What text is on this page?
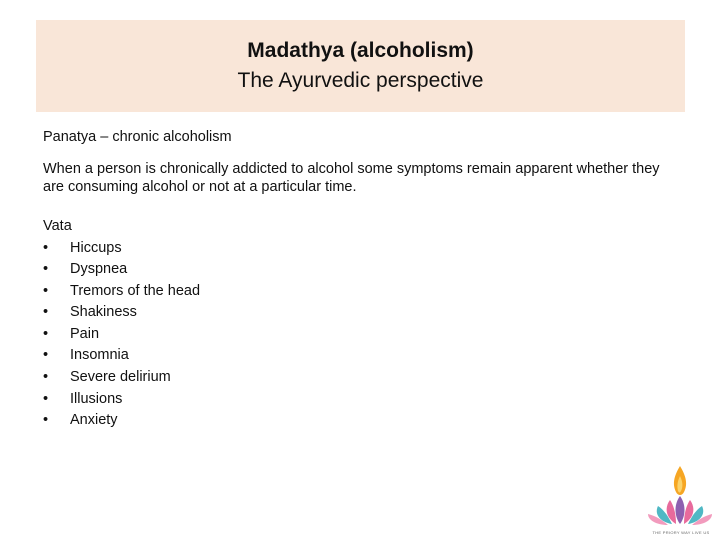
Madathya (alcoholism)
The Ayurvedic perspective

Panatya – chronic alcoholism

When a person is chronically addicted to alcohol some symptoms remain apparent whether they are consuming alcohol or not at a particular time.

Vata
•	Hiccups
•	Dyspnea
•	Tremors of the head
•	Shakiness
•	Pain
•	Insomnia
•	Severe delirium
•	Illusions
•	Anxiety
THE PRIORY WAY LIVE US
